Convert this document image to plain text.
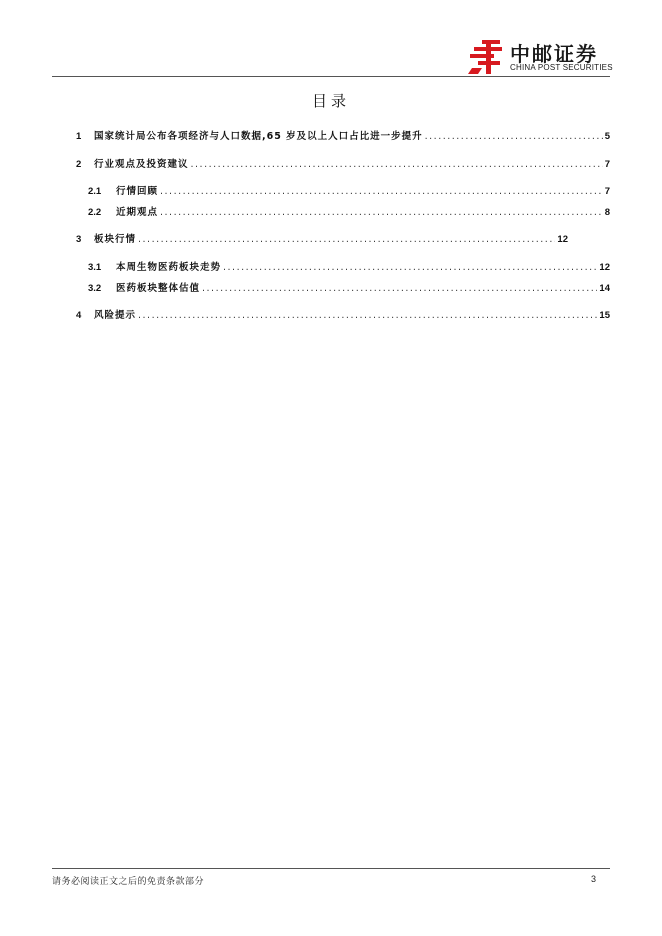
中邮证券
CHINA POST SECURITIES
目录
1	国家统计局公布各项经济与人口数据,65 岁及以上人口占比进一步提升 .....	5
2	行业观点及投资建议 .....	7
2.1	行情回顾 .....	7
2.2	近期观点 .....	8
3	板块行情 .....	12
3.1	本周生物医药板块走势 .....	12
3.2	医药板块整体估值 .....	14
4	风险提示 .....	15
请务必阅读正文之后的免责条款部分	3
